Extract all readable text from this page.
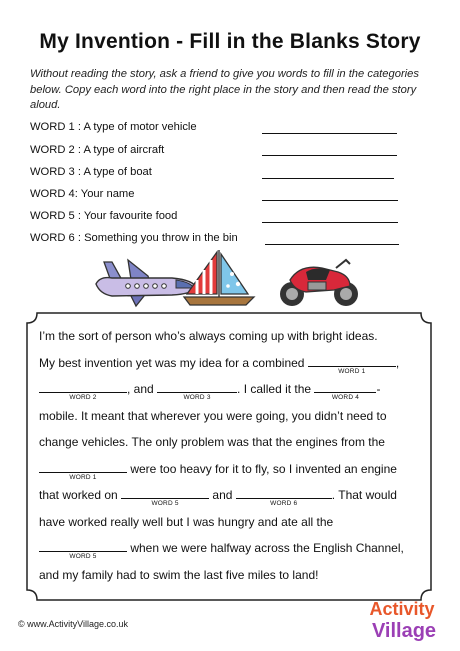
My Invention - Fill in the Blanks Story
Without reading the story, ask a friend to give you words to fill in the categories below. Copy each word into the right place in the story and then read the story aloud.
WORD 1 : A type of motor vehicle
WORD 2 : A type of aircraft
WORD 3 : A type of boat
WORD 4: Your name
WORD 5 : Your favourite food
WORD 6 : Something you throw in the bin
I’m the sort of person who’s always coming up with bright ideas.
My best invention yet was my idea for a combined
WORD 1
,
WORD 2
, and
WORD 3
. I called it the
WORD 4
-
mobile. It meant that wherever you were going, you didn’t need to
change vehicles. The only problem was that the engines from the
WORD 1
were too heavy for it to fly, so I invented an engine
that worked on
WORD 5
and
WORD 6
. That would
have worked really well but I was hungry and ate all the
WORD 5
when we were halfway across the English Channel,
and my family had to swim the last five miles to land!
© www.ActivityVillage.co.uk
Activity
Village
